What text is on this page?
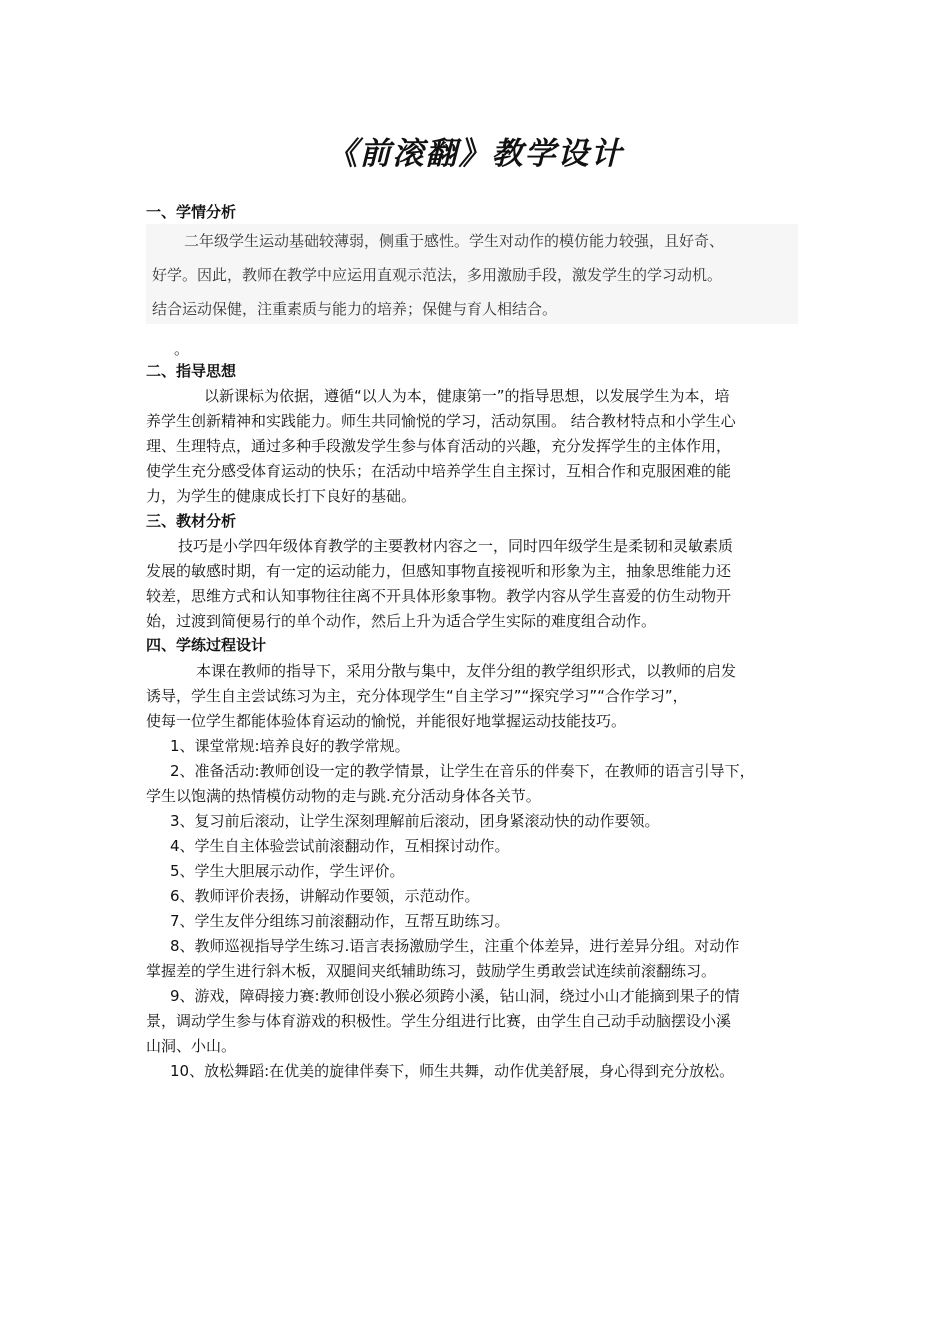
《前滚翻》教学设计
一、学情分析

二年级学生运动基础较薄弱，侧重于感性。学生对动作的模仿能力较强，且好奇、

好学。因此，教师在教学中应运用直观示范法，多用激励手段，激发学生的学习动机。

结合运动保健，注重素质与能力的培养；保健与育人相结合。

。
二、指导思想

以新课标为依据，遵循“以人为本，健康第一”的指导思想，以发展学生为本，培

养学生创新精神和实践能力。师生共同愉悦的学习，活动氛围。 结合教材特点和小学生心

理、生理特点，通过多种手段激发学生参与体育活动的兴趣，充分发挥学生的主体作用，

使学生充分感受体育运动的快乐；在活动中培养学生自主探讨，互相合作和克服困难的能

力，为学生的健康成长打下良好的基础。

三、教材分析

技巧是小学四年级体育教学的主要教材内容之一，同时四年级学生是柔韧和灵敏素质

发展的敏感时期，有一定的运动能力，但感知事物直接视听和形象为主，抽象思维能力还

较差，思维方式和认知事物往往离不开具体形象事物。教学内容从学生喜爱的仿生动物开

始，过渡到简便易行的单个动作，然后上升为适合学生实际的难度组合动作。

四、学练过程设计

本课在教师的指导下，采用分散与集中，友伴分组的教学组织形式，以教师的启发

诱导，学生自主尝试练习为主，充分体现学生“自主学习”“探究学习”“合作学习”，

使每一位学生都能体验体育运动的愉悦，并能很好地掌握运动技能技巧。

1、课堂常规:培养良好的教学常规。

2、准备活动:教师创设一定的教学情景，让学生在音乐的伴奏下，在教师的语言引导下，

学生以饱满的热情模仿动物的走与跳.充分活动身体各关节。

3、复习前后滚动，让学生深刻理解前后滚动，团身紧滚动快的动作要领。

4、学生自主体验尝试前滚翻动作，互相探讨动作。

5、学生大胆展示动作，学生评价。

6、教师评价表扬，讲解动作要领，示范动作。

7、学生友伴分组练习前滚翻动作，互帮互助练习。

8、教师巡视指导学生练习.语言表扬激励学生，注重个体差异，进行差异分组。对动作

掌握差的学生进行斜木板，双腿间夹纸辅助练习，鼓励学生勇敢尝试连续前滚翻练习。

9、游戏，障碍接力赛:教师创设小猴必须跨小溪，钻山洞，绕过小山才能摘到果子的情

景，调动学生参与体育游戏的积极性。学生分组进行比赛，由学生自己动手动脑摆设小溪

山洞、小山。

10、放松舞蹈:在优美的旋律伴奏下，师生共舞，动作优美舒展，身心得到充分放松。
